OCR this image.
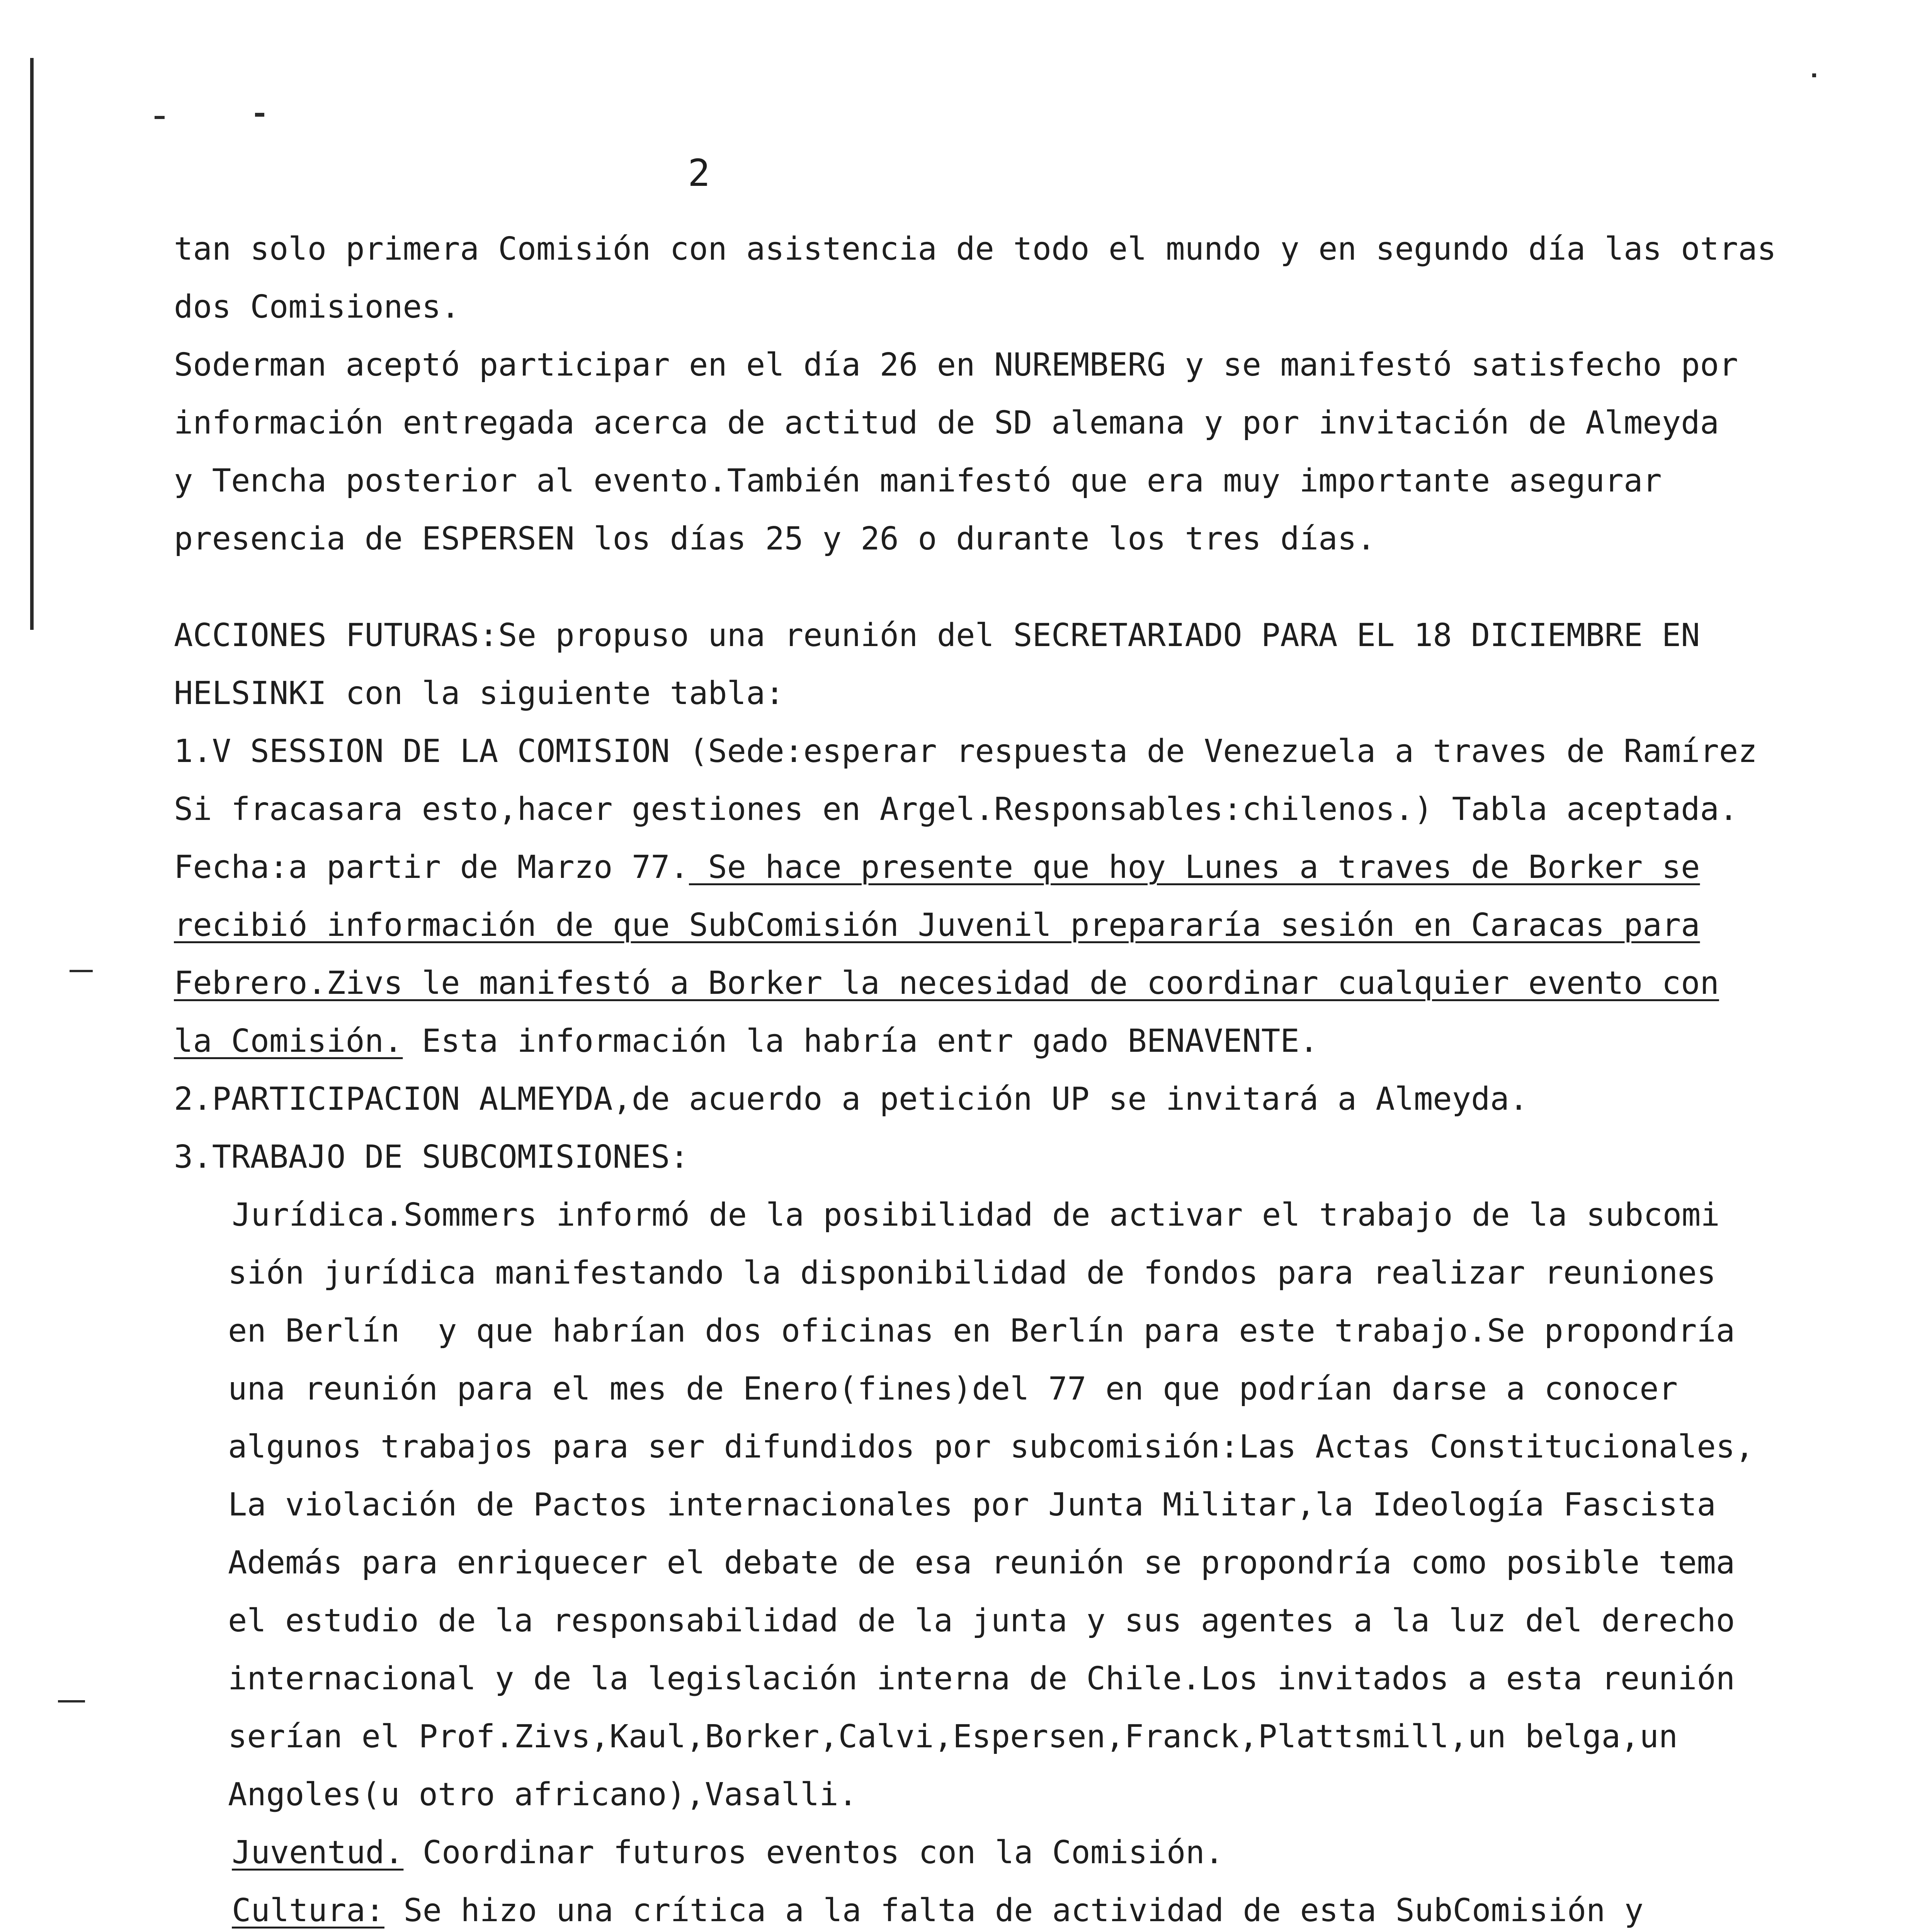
2
tan solo primera Comisión con asistencia de todo el mundo y en segundo día las otras
dos Comisiones.
Soderman aceptó participar en el día 26 en NUREMBERG y se manifestó satisfecho por
información entregada acerca de actitud de SD alemana y por invitación de Almeyda
y Tencha posterior al evento.También manifestó que era muy importante asegurar
presencia de ESPERSEN los días 25 y 26 o durante los tres días.
ACCIONES FUTURAS:Se propuso una reunión del SECRETARIADO PARA EL 18 DICIEMBRE EN
HELSINKI con la siguiente tabla:
1.V SESSION DE LA COMISION (Sede:esperar respuesta de Venezuela a traves de Ramírez
Si fracasara esto,hacer gestiones en Argel.Responsables:chilenos.) Tabla aceptada.
Fecha:a partir de Marzo 77. Se hace presente que hoy Lunes a traves de Borker se
recibió información de que SubComisión Juvenil prepararía sesión en Caracas para
Febrero.Zivs le manifestó a Borker la necesidad de coordinar cualquier evento con
la Comisión. Esta información la habría entr gado BENAVENTE.
2.PARTICIPACION ALMEYDA,de acuerdo a petición UP se invitará a Almeyda.
3.TRABAJO DE SUBCOMISIONES:
Jurídica.Sommers informó de la posibilidad de activar el trabajo de la subcomi
sión jurídica manifestando la disponibilidad de fondos para realizar reuniones
en Berlín  y que habrían dos oficinas en Berlín para este trabajo.Se propondría
una reunión para el mes de Enero(fines)del 77 en que podrían darse a conocer
algunos trabajos para ser difundidos por subcomisión:Las Actas Constitucionales,
La violación de Pactos internacionales por Junta Militar,la Ideología Fascista
Además para enriquecer el debate de esa reunión se propondría como posible tema
el estudio de la responsabilidad de la junta y sus agentes a la luz del derecho
internacional y de la legislación interna de Chile.Los invitados a esta reunión
serían el Prof.Zivs,Kaul,Borker,Calvi,Espersen,Franck,Plattsmill,un belga,un
Angoles(u otro africano),Vasalli.
Juventud. Coordinar futuros eventos con la Comisión.
Cultura: Se hizo una crítica a la falta de actividad de esta SubComisión y
